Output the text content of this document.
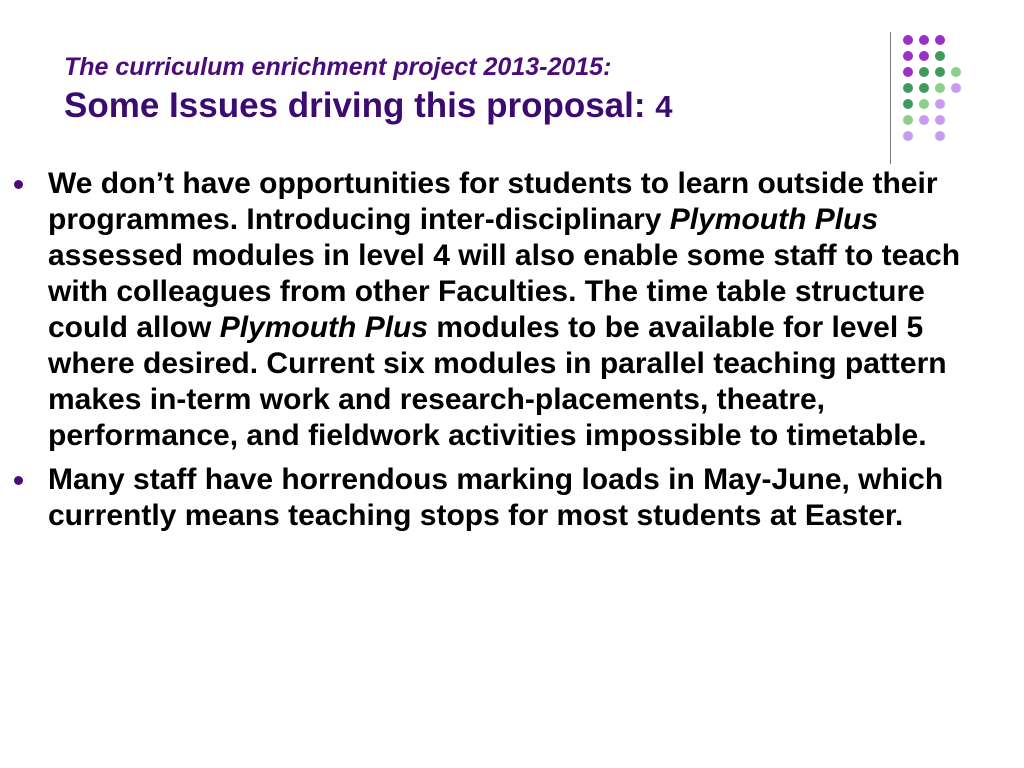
The curriculum enrichment project 2013-2015:
Some Issues driving this proposal: 4
We don’t have opportunities for students to learn outside their programmes. Introducing inter-disciplinary Plymouth Plus assessed modules in level 4 will also enable some staff to teach with colleagues from other Faculties. The time table structure could allow Plymouth Plus modules to be available for level 5 where desired. Current six modules in parallel teaching pattern makes in-term work and research-placements, theatre, performance, and fieldwork activities impossible to timetable.
Many staff have horrendous marking loads in May-June, which currently means teaching stops for most students at Easter.
